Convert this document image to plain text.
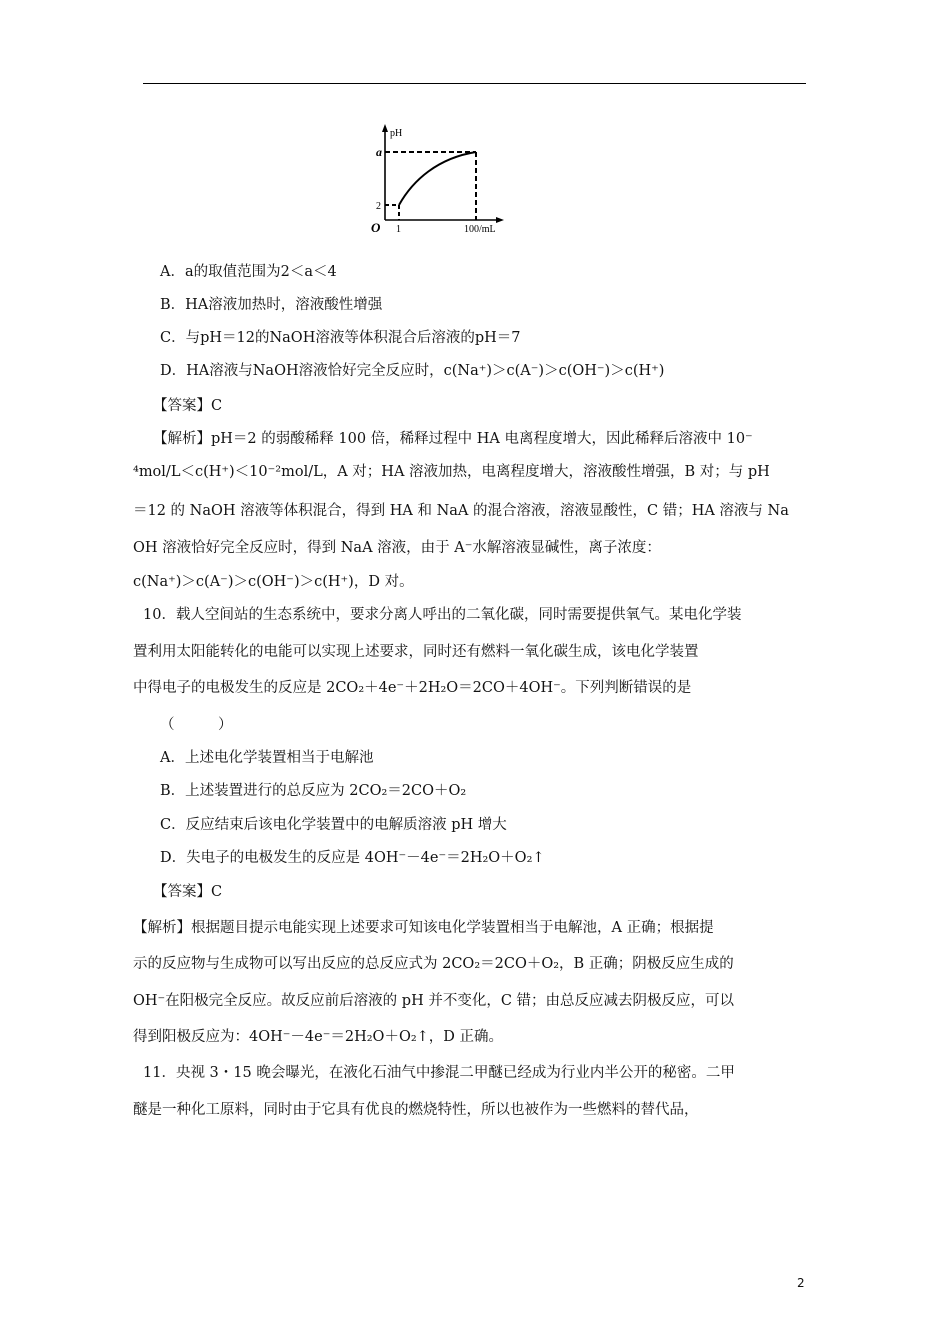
pH
a
2
O 1	100/mL
A．a的取值范围为2＜a＜4
B．HA溶液加热时，溶液酸性增强
C．与pH＝12的NaOH溶液等体积混合后溶液的pH＝7
D．HA溶液与NaOH溶液恰好完全反应时，c(Na⁺)＞c(A⁻)＞c(OH⁻)＞c(H⁺)
【答案】C
【解析】pH＝2 的弱酸稀释 100 倍，稀释过程中 HA 电离程度增大，因此稀释后溶液中 10⁻
⁴mol/L＜c(H⁺)＜10⁻²mol/L，A 对；HA 溶液加热，电离程度增大，溶液酸性增强，B 对；与 pH
＝12 的 NaOH 溶液等体积混合，得到 HA 和 NaA 的混合溶液，溶液显酸性，C 错；HA 溶液与 Na
OH 溶液恰好完全反应时，得到 NaA 溶液，由于 A⁻水解溶液显碱性，离子浓度：
c(Na⁺)＞c(A⁻)＞c(OH⁻)＞c(H⁺)，D 对。
10．载人空间站的生态系统中，要求分离人呼出的二氧化碳，同时需要提供氧气。某电化学装
置利用太阳能转化的电能可以实现上述要求，同时还有燃料一氧化碳生成，该电化学装置
中得电子的电极发生的反应是 2CO₂＋4e⁻＋2H₂O＝2CO＋4OH⁻。下列判断错误的是
（　　　）
A．上述电化学装置相当于电解池
B．上述装置进行的总反应为 2CO₂＝2CO＋O₂
C．反应结束后该电化学装置中的电解质溶液 pH 增大
D．失电子的电极发生的反应是 4OH⁻－4e⁻＝2H₂O＋O₂↑
【答案】C
【解析】根据题目提示电能实现上述要求可知该电化学装置相当于电解池，A 正确；根据提
示的反应物与生成物可以写出反应的总反应式为 2CO₂＝2CO＋O₂，B 正确；阴极反应生成的
OH⁻在阳极完全反应。故反应前后溶液的 pH 并不变化，C 错；由总反应减去阴极反应，可以
得到阳极反应为：4OH⁻－4e⁻＝2H₂O＋O₂↑，D 正确。
11．央视 3・15 晚会曝光，在液化石油气中掺混二甲醚已经成为行业内半公开的秘密。二甲
醚是一种化工原料，同时由于它具有优良的燃烧特性，所以也被作为一些燃料的替代品，
2
